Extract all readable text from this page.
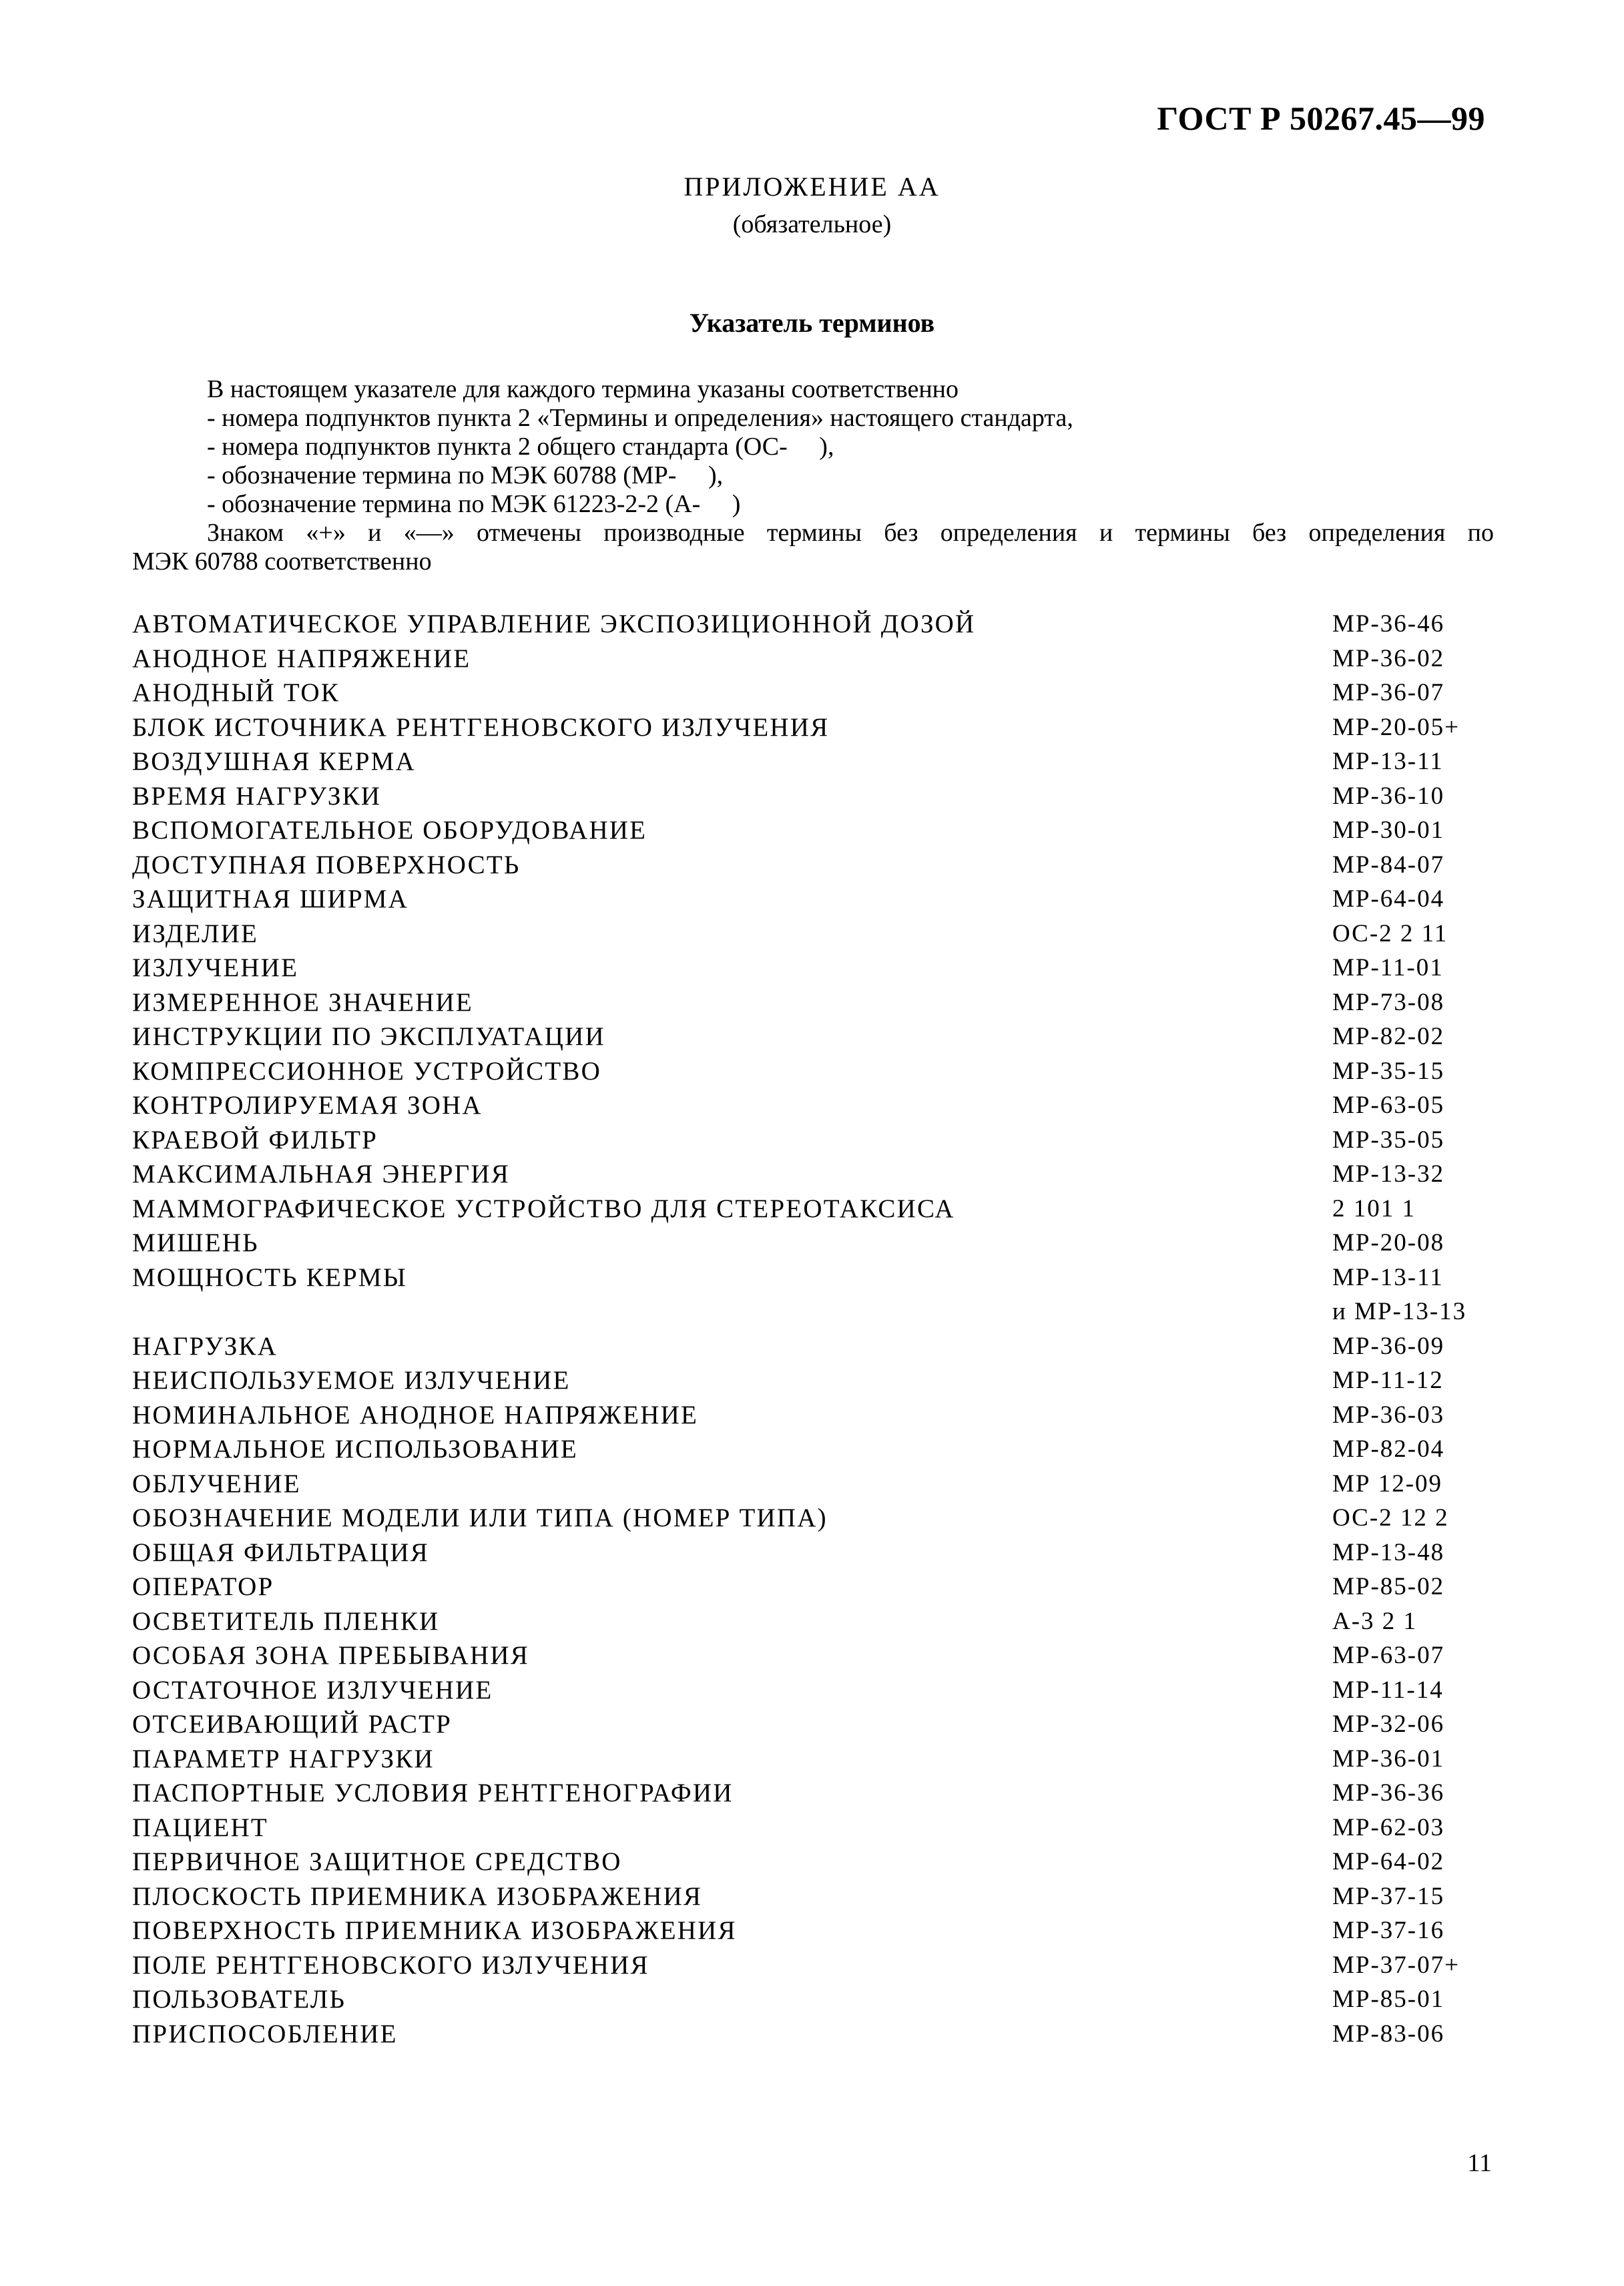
ГОСТ Р 50267.45—99
ПРИЛОЖЕНИЕ АА
(обязательное)
Указатель терминов
В настоящем указателе для каждого термина указаны соответственно
- номера подпунктов пункта 2 «Термины и определения» настоящего стандарта,
- номера подпунктов пункта 2 общего стандарта (ОС-     ),
- обозначение термина по МЭК 60788 (МР-     ),
- обозначение термина по МЭК 61223-2-2 (А-     )
Знаком «+» и «—» отмечены производные термины без определения и термины без определения по
МЭК 60788 соответственно
АВТОМАТИЧЕСКОЕ УПРАВЛЕНИЕ ЭКСПОЗИЦИОННОЙ ДОЗОЙ	МР-36-46
АНОДНОЕ НАПРЯЖЕНИЕ	МР-36-02
АНОДНЫЙ ТОК	МР-36-07
БЛОК ИСТОЧНИКА РЕНТГЕНОВСКОГО ИЗЛУЧЕНИЯ	МР-20-05+
ВОЗДУШНАЯ КЕРМА	МР-13-11
ВРЕМЯ НАГРУЗКИ	МР-36-10
ВСПОМОГАТЕЛЬНОЕ ОБОРУДОВАНИЕ	МР-30-01
ДОСТУПНАЯ ПОВЕРХНОСТЬ	МР-84-07
ЗАЩИТНАЯ ШИРМА	МР-64-04
ИЗДЕЛИЕ	ОС-2 2 11
ИЗЛУЧЕНИЕ	МР-11-01
ИЗМЕРЕННОЕ ЗНАЧЕНИЕ	МР-73-08
ИНСТРУКЦИИ ПО ЭКСПЛУАТАЦИИ	МР-82-02
КОМПРЕССИОННОЕ УСТРОЙСТВО	МР-35-15
КОНТРОЛИРУЕМАЯ ЗОНА	МР-63-05
КРАЕВОЙ ФИЛЬТР	МР-35-05
МАКСИМАЛЬНАЯ ЭНЕРГИЯ	МР-13-32
МАММОГРАФИЧЕСКОЕ УСТРОЙСТВО ДЛЯ СТЕРЕОТАКСИСА	2 101 1
МИШЕНЬ	МР-20-08
МОЩНОСТЬ КЕРМЫ	МР-13-11
и МР-13-13
НАГРУЗКА	МР-36-09
НЕИСПОЛЬЗУЕМОЕ ИЗЛУЧЕНИЕ	МР-11-12
НОМИНАЛЬНОЕ АНОДНОЕ НАПРЯЖЕНИЕ	МР-36-03
НОРМАЛЬНОЕ ИСПОЛЬЗОВАНИЕ	МР-82-04
ОБЛУЧЕНИЕ	МР 12-09
ОБОЗНАЧЕНИЕ МОДЕЛИ ИЛИ ТИПА (НОМЕР ТИПА)	ОС-2 12 2
ОБЩАЯ ФИЛЬТРАЦИЯ	МР-13-48
ОПЕРАТОР	МР-85-02
ОСВЕТИТЕЛЬ ПЛЕНКИ	А-3 2 1
ОСОБАЯ ЗОНА ПРЕБЫВАНИЯ	МР-63-07
ОСТАТОЧНОЕ ИЗЛУЧЕНИЕ	МР-11-14
ОТСЕИВАЮЩИЙ РАСТР	МР-32-06
ПАРАМЕТР НАГРУЗКИ	МР-36-01
ПАСПОРТНЫЕ УСЛОВИЯ РЕНТГЕНОГРАФИИ	МР-36-36
ПАЦИЕНТ	МР-62-03
ПЕРВИЧНОЕ ЗАЩИТНОЕ СРЕДСТВО	МР-64-02
ПЛОСКОСТЬ ПРИЕМНИКА ИЗОБРАЖЕНИЯ	МР-37-15
ПОВЕРХНОСТЬ ПРИЕМНИКА ИЗОБРАЖЕНИЯ	МР-37-16
ПОЛЕ РЕНТГЕНОВСКОГО ИЗЛУЧЕНИЯ	МР-37-07+
ПОЛЬЗОВАТЕЛЬ	МР-85-01
ПРИСПОСОБЛЕНИЕ	МР-83-06
11
